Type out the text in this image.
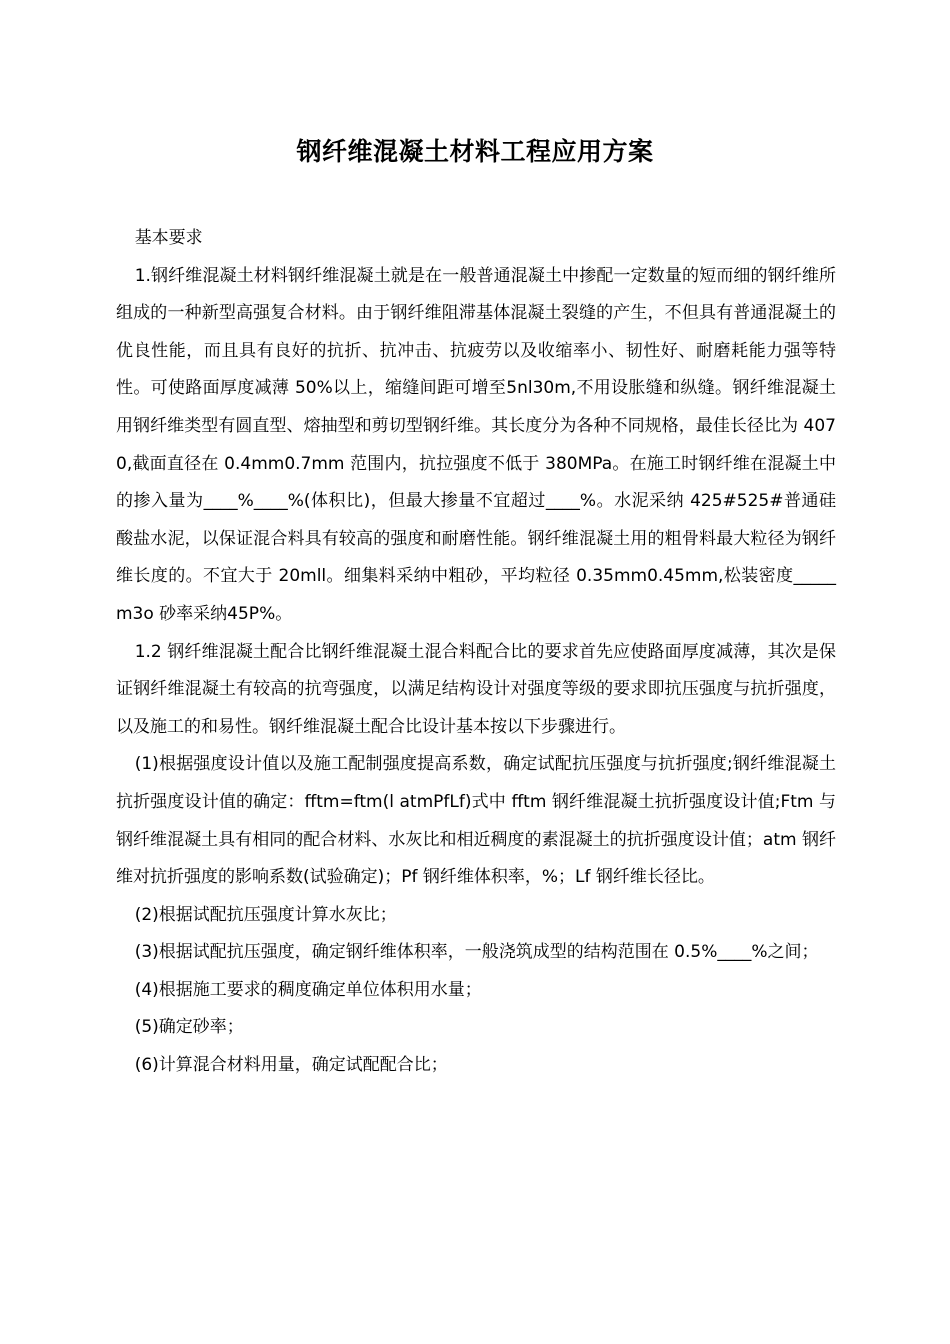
钢纤维混凝土材料工程应用方案

基本要求

1.钢纤维混凝土材料钢纤维混凝土就是在一般普通混凝土中掺配一定数量的短而细的钢纤维所组成的一种新型高强复合材料。由于钢纤维阻滞基体混凝土裂缝的产生，不但具有普通混凝土的优良性能，而且具有良好的抗折、抗冲击、抗疲劳以及收缩率小、韧性好、耐磨耗能力强等特性。可使路面厚度减薄 50%以上，缩缝间距可增至5nl30m,不用设胀缝和纵缝。钢纤维混凝土用钢纤维类型有圆直型、熔抽型和剪切型钢纤维。其长度分为各种不同规格，最佳长径比为 4070,截面直径在 0.4mm0.7mm 范围内，抗拉强度不低于 380MPa。在施工时钢纤维在混凝土中的掺入量为____%____%(体积比)，但最大掺量不宜超过____%。水泥采纳 425#525#普通硅酸盐水泥，以保证混合料具有较高的强度和耐磨性能。钢纤维混凝土用的粗骨料最大粒径为钢纤维长度的。不宜大于 20mll。细集料采纳中粗砂，平均粒径 0.35mm0.45mm,松装密度_____m3o 砂率采纳45P%。

1.2 钢纤维混凝土配合比钢纤维混凝土混合料配合比的要求首先应使路面厚度减薄，其次是保证钢纤维混凝土有较高的抗弯强度，以满足结构设计对强度等级的要求即抗压强度与抗折强度，以及施工的和易性。钢纤维混凝土配合比设计基本按以下步骤进行。

(1)根据强度设计值以及施工配制强度提高系数，确定试配抗压强度与抗折强度;钢纤维混凝土抗折强度设计值的确定：fftm=ftm(l atmPfLf)式中 fftm 钢纤维混凝土抗折强度设计值;Ftm 与钢纤维混凝土具有相同的配合材料、水灰比和相近稠度的素混凝土的抗折强度设计值；atm 钢纤维对抗折强度的影响系数(试验确定)；Pf 钢纤维体积率，%；Lf 钢纤维长径比。

(2)根据试配抗压强度计算水灰比；

(3)根据试配抗压强度，确定钢纤维体积率，一般浇筑成型的结构范围在 0.5%____%之间；

(4)根据施工要求的稠度确定单位体积用水量；

(5)确定砂率；

(6)计算混合材料用量，确定试配配合比；
